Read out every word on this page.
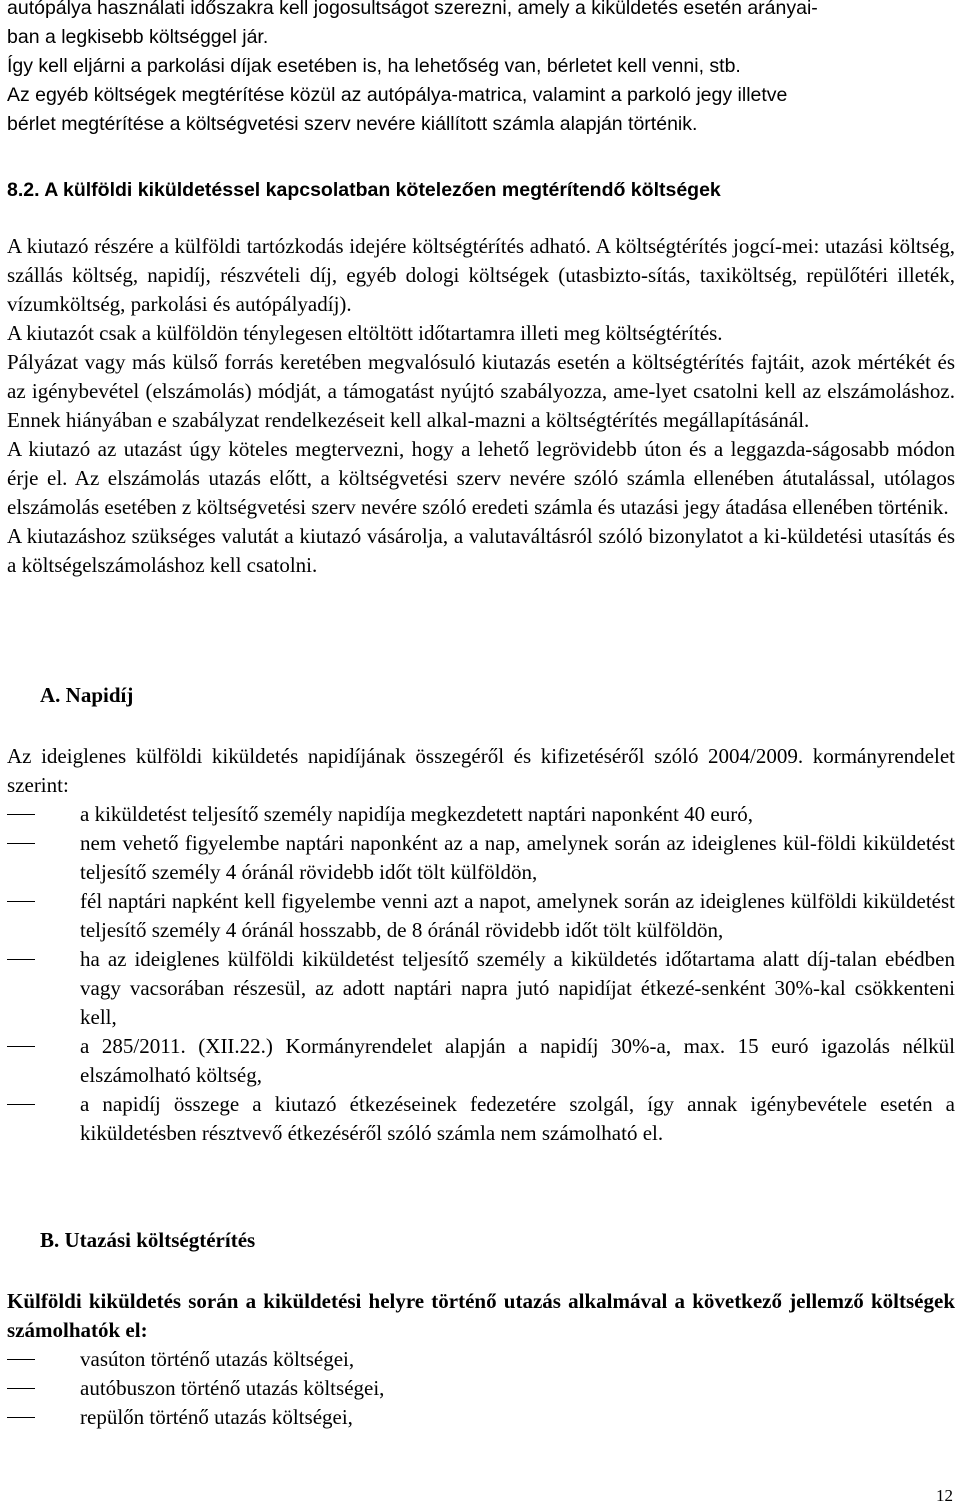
autópálya használati időszakra kell jogosultságot szerezni, amely a kiküldetés esetén arányai-
ban a legkisebb költséggel jár.
Így kell eljárni a parkolási díjak esetében is, ha lehetőség van, bérletet kell venni, stb.
Az egyéb költségek megtérítése közül az autópálya-matrica, valamint a parkoló jegy illetve
bérlet megtérítése a költségvetési szerv nevére kiállított számla alapján történik.
8.2. A külföldi kiküldetéssel kapcsolatban kötelezően megtérítendő költségek

A kiutazó részére a külföldi tartózkodás idejére költségtérítés adható. A költségtérítés jogcí-mei: utazási költség, szállás költség, napidíj, részvételi díj, egyéb dologi költségek (utasbizto-sítás, taxiköltség, repülőtéri illeték, vízumköltség, parkolási és autópályadíj).

A kiutazót csak a külföldön ténylegesen eltöltött időtartamra illeti meg költségtérítés.

Pályázat vagy más külső forrás keretében megvalósuló kiutazás esetén a költségtérítés fajtáit, azok mértékét és az igénybevétel (elszámolás) módját, a támogatást nyújtó szabályozza, ame-lyet csatolni kell az elszámoláshoz. Ennek hiányában e szabályzat rendelkezéseit kell alkal-mazni a költségtérítés megállapításánál.

A kiutazó az utazást úgy köteles megtervezni, hogy a lehető legrövidebb úton és a leggazda-ságosabb módon érje el. Az elszámolás utazás előtt, a költségvetési szerv nevére szóló számla ellenében átutalással, utólagos elszámolás esetében z költségvetési szerv nevére szóló eredeti számla és utazási jegy átadása ellenében történik.

A kiutazáshoz szükséges valutát a kiutazó vásárolja, a valutaváltásról szóló bizonylatot a ki-küldetési utasítás és a költségelszámoláshoz kell csatolni.

A. Napidíj

Az ideiglenes külföldi kiküldetés napidíjának összegéről és kifizetéséről szóló 2004/2009. kormányrendelet szerint:

a kiküldetést teljesítő személy napidíja megkezdetett naptári naponként 40 euró,
nem vehető figyelembe naptári naponként az a nap, amelynek során az ideiglenes kül-földi kiküldetést teljesítő személy 4 óránál rövidebb időt tölt külföldön,
fél naptári napként kell figyelembe venni azt a napot, amelynek során az ideiglenes külföldi kiküldetést teljesítő személy 4 óránál hosszabb, de 8 óránál rövidebb időt tölt külföldön,
ha az ideiglenes külföldi kiküldetést teljesítő személy a kiküldetés időtartama alatt díj-talan ebédben vagy vacsorában részesül, az adott naptári napra jutó napidíjat étkezé-senként 30%-kal csökkenteni kell,
a 285/2011. (XII.22.) Kormányrendelet alapján a napidíj 30%-a, max. 15 euró igazolás nélkül elszámolható költség,
a napidíj összege a kiutazó étkezéseinek fedezetére szolgál, így annak igénybevétele esetén a kiküldetésben résztvevő étkezéséről szóló számla nem számolható el.
B. Utazási költségtérítés

Külföldi kiküldetés során a kiküldetési helyre történő utazás alkalmával a következő jellemző költségek számolhatók el:

vasúton történő utazás költségei,
autóbuszon történő utazás költségei,
repülőn történő utazás költségei,
12
